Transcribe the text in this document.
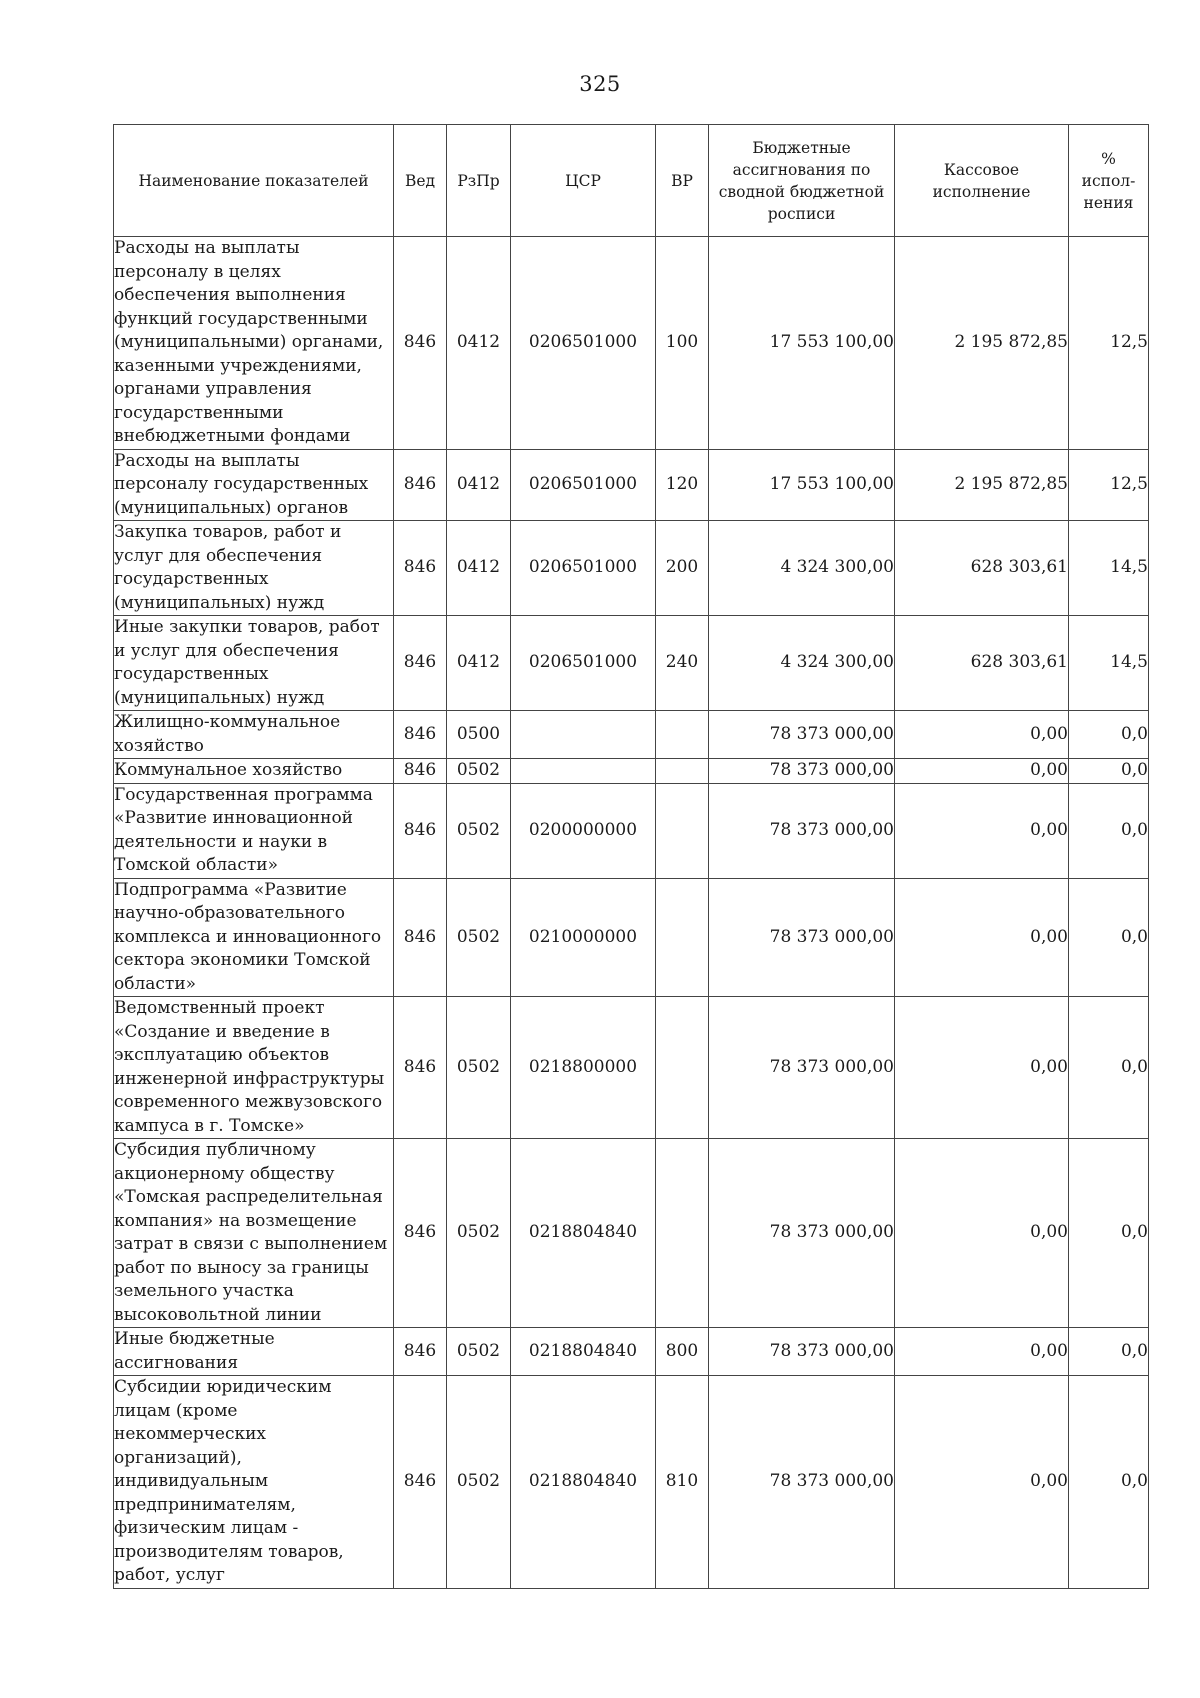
325
Наименование показателей	Вед	РзПр	ЦСР	ВР	Бюджетные ассигнования по сводной бюджетной росписи	Кассовое исполнение	% испол-нения
Расходы на выплаты персоналу в целях обеспечения выполнения функций государственными (муниципальными) органами, казенными учреждениями, органами управления государственными внебюджетными фондами	846	0412	0206501000	100	17 553 100,00	2 195 872,85	12,5
Расходы на выплаты персоналу государственных (муниципальных) органов	846	0412	0206501000	120	17 553 100,00	2 195 872,85	12,5
Закупка товаров, работ и услуг для обеспечения государственных (муниципальных) нужд	846	0412	0206501000	200	4 324 300,00	628 303,61	14,5
Иные закупки товаров, работ и услуг для обеспечения государственных (муниципальных) нужд	846	0412	0206501000	240	4 324 300,00	628 303,61	14,5
Жилищно-коммунальное хозяйство	846	0500			78 373 000,00	0,00	0,0
Коммунальное хозяйство	846	0502			78 373 000,00	0,00	0,0
Государственная программа «Развитие инновационной деятельности и науки в Томской области»	846	0502	0200000000		78 373 000,00	0,00	0,0
Подпрограмма «Развитие научно-образовательного комплекса и инновационного сектора экономики Томской области»	846	0502	0210000000		78 373 000,00	0,00	0,0
Ведомственный проект «Создание и введение в эксплуатацию объектов инженерной инфраструктуры современного межвузовского кампуса в г. Томске»	846	0502	0218800000		78 373 000,00	0,00	0,0
Субсидия публичному акционерному обществу «Томская распределительная компания» на возмещение затрат в связи с выполнением работ по выносу за границы земельного участка высоковольтной линии	846	0502	0218804840		78 373 000,00	0,00	0,0
Иные бюджетные ассигнования	846	0502	0218804840	800	78 373 000,00	0,00	0,0
Субсидии юридическим лицам (кроме некоммерческих организаций), индивидуальным предпринимателям, физическим лицам - производителям товаров, работ, услуг	846	0502	0218804840	810	78 373 000,00	0,00	0,0
